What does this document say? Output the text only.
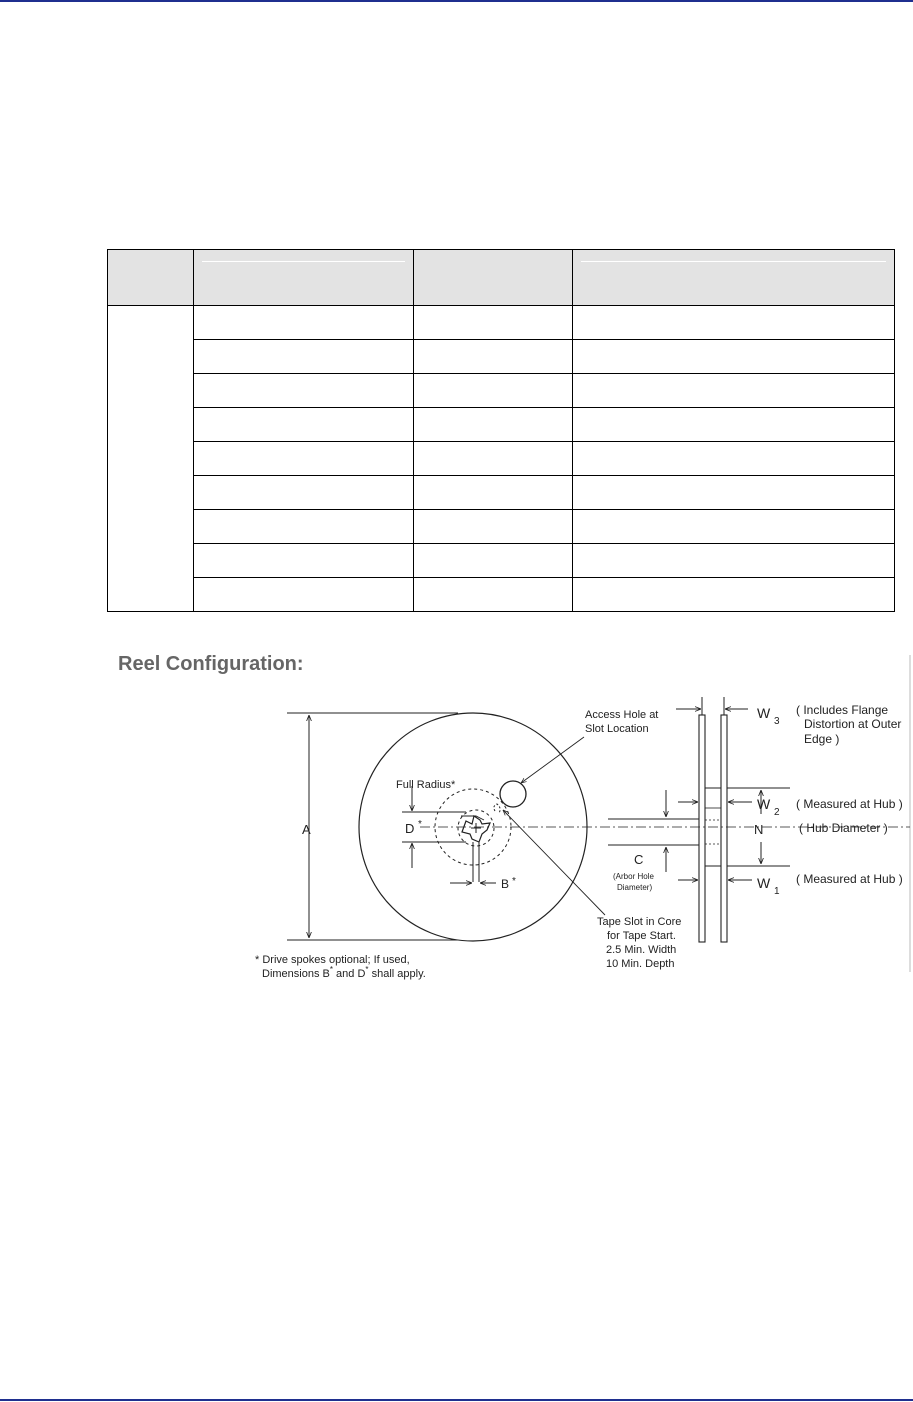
Reel Configuration:
A	D *
B *
C
N
W
3
W
2
W
1
Full Radius*
Access Hole at
Slot Location
(Arbor Hole
Diameter)
Tape Slot in Core
for Tape Start.
2.5 Min. Width
10 Min. Depth
( Includes Flange
Distortion at Outer
Edge )
( Measured at Hub )
( Hub Diameter )
( Measured at Hub )
* Drive spokes optional; If used,
Dimensions B* and D* shall apply.
